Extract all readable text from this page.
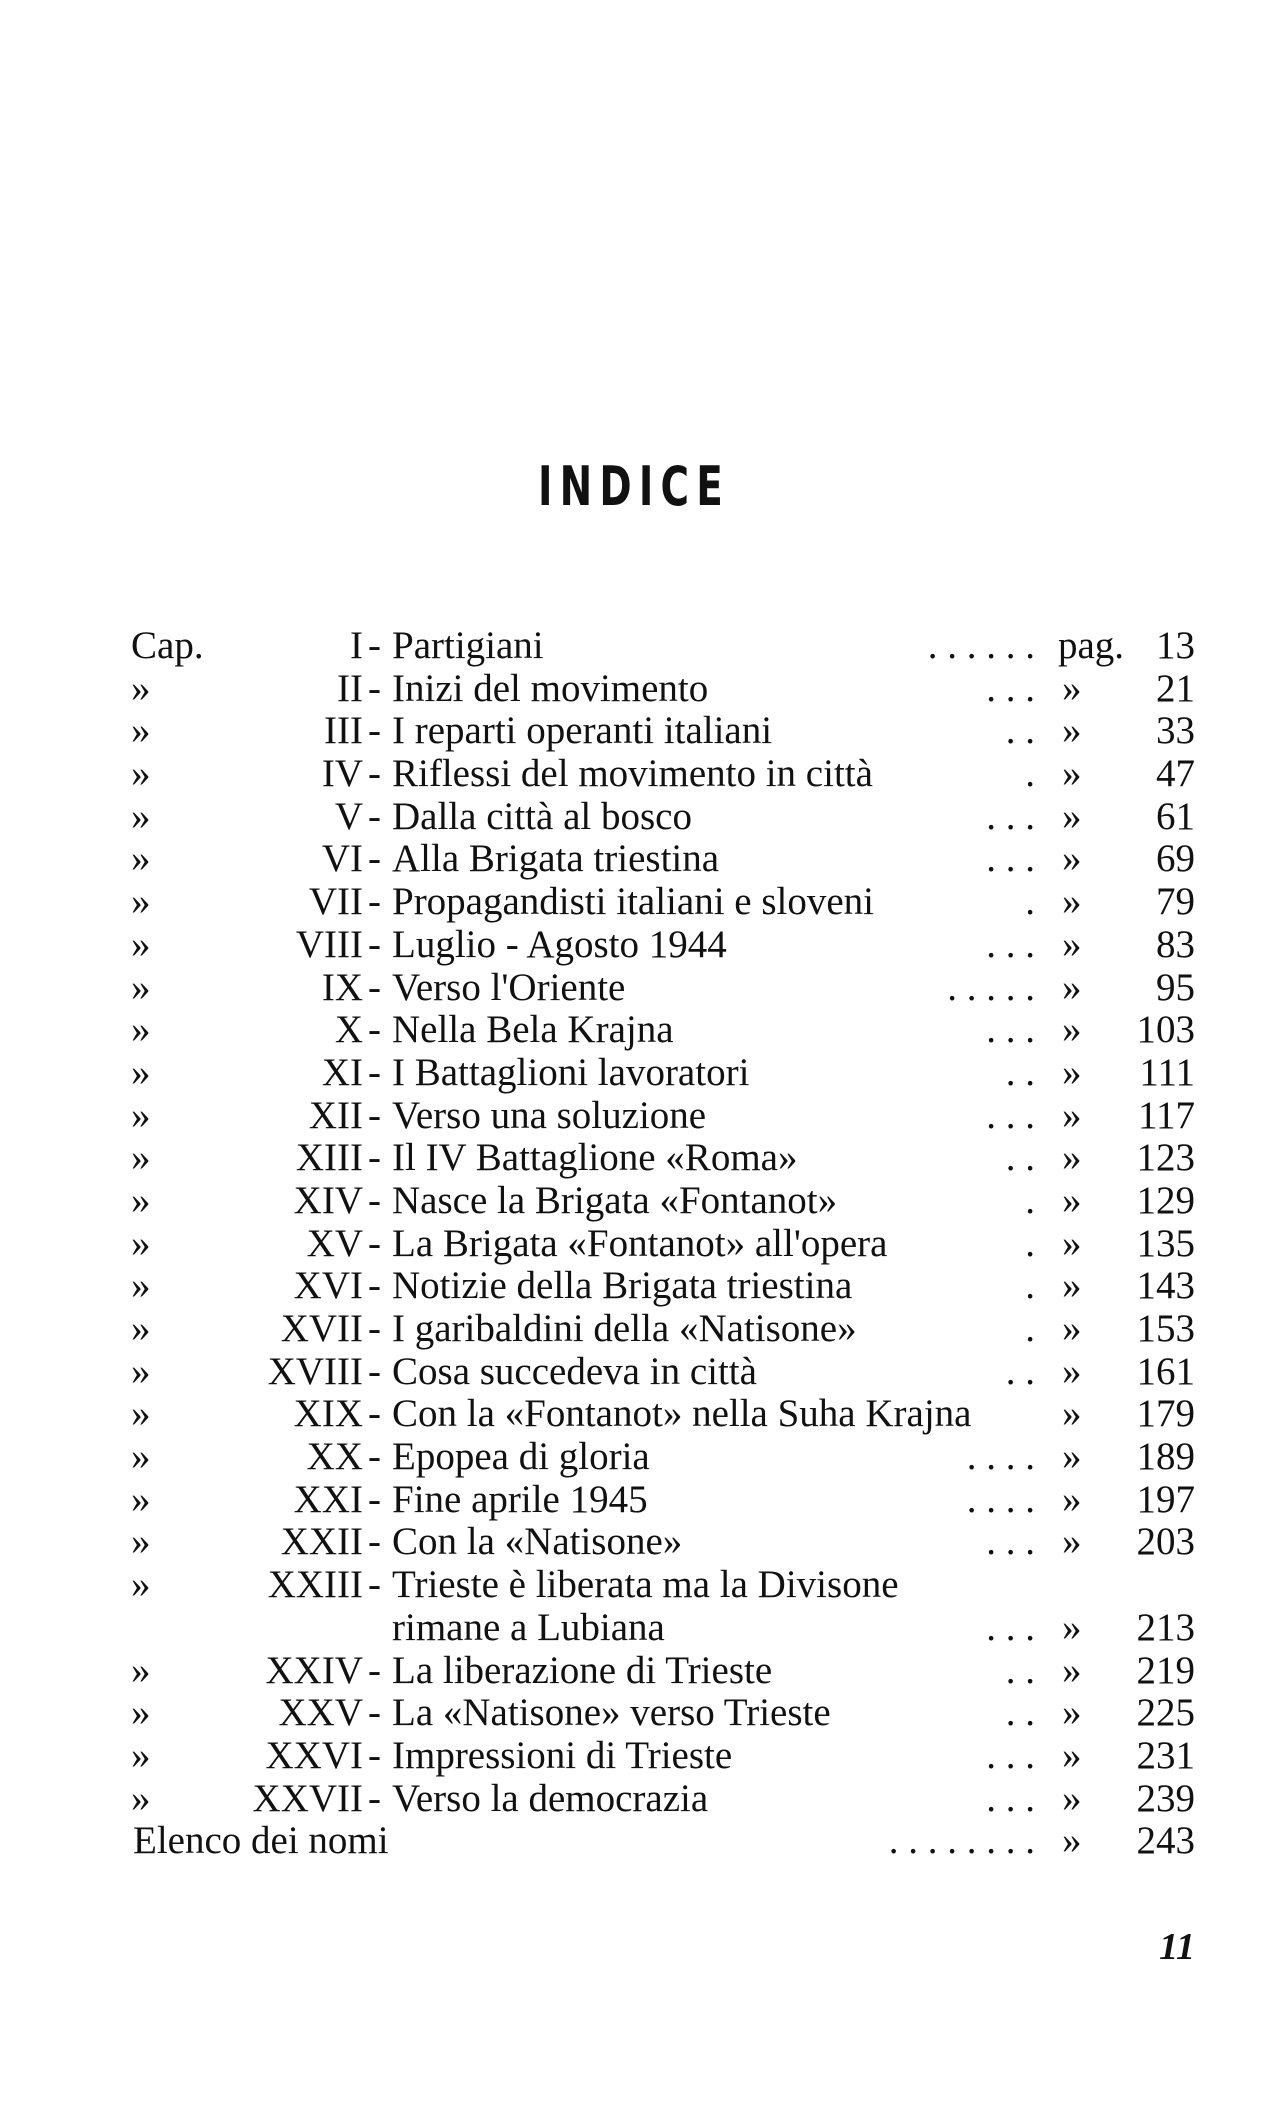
INDICE
Cap.	I - Partigiani	. . . . . . pag. 13
»	II - Inizi del movimento	. . . » 21
»	III - I reparti operanti italiani	. . » 33
»	IV - Riflessi del movimento in città	. » 47
»	V - Dalla città al bosco	. . . » 61
»	VI - Alla Brigata triestina	. . . » 69
»	VII - Propagandisti italiani e sloveni	. » 79
»	VIII - Luglio - Agosto 1944	. . . » 83
»	IX - Verso l'Oriente	. . . . . » 95
»	X - Nella Bela Krajna	. . . » 103
»	XI - I Battaglioni lavoratori	. . » 111
»	XII - Verso una soluzione	. . . » 117
»	XIII - Il IV Battaglione «Roma»	. . » 123
»	XIV - Nasce la Brigata «Fontanot»	. » 129
»	XV - La Brigata «Fontanot» all'opera	. » 135
»	XVI - Notizie della Brigata triestina	. » 143
»	XVII - I garibaldini della «Natisone»	. » 153
»	XVIII - Cosa succedeva in città	. . » 161
»	XIX - Con la «Fontanot» nella Suha Krajna » 179
»	XX - Epopea di gloria	. . . . » 189
»	XXI - Fine aprile 1945	. . . . » 197
»	XXII - Con la «Natisone»	. . . » 203
»	XXIII - Trieste è liberata ma la Divisone
rimane a Lubiana	. . . » 213
»	XXIV - La liberazione di Trieste	. . » 219
»	XXV - La «Natisone» verso Trieste	. . » 225
»	XXVI - Impressioni di Trieste	. . . » 231
»	XXVII - Verso la democrazia	. . . » 239
Elenco dei nomi	. . . . . . . . » 243
11
